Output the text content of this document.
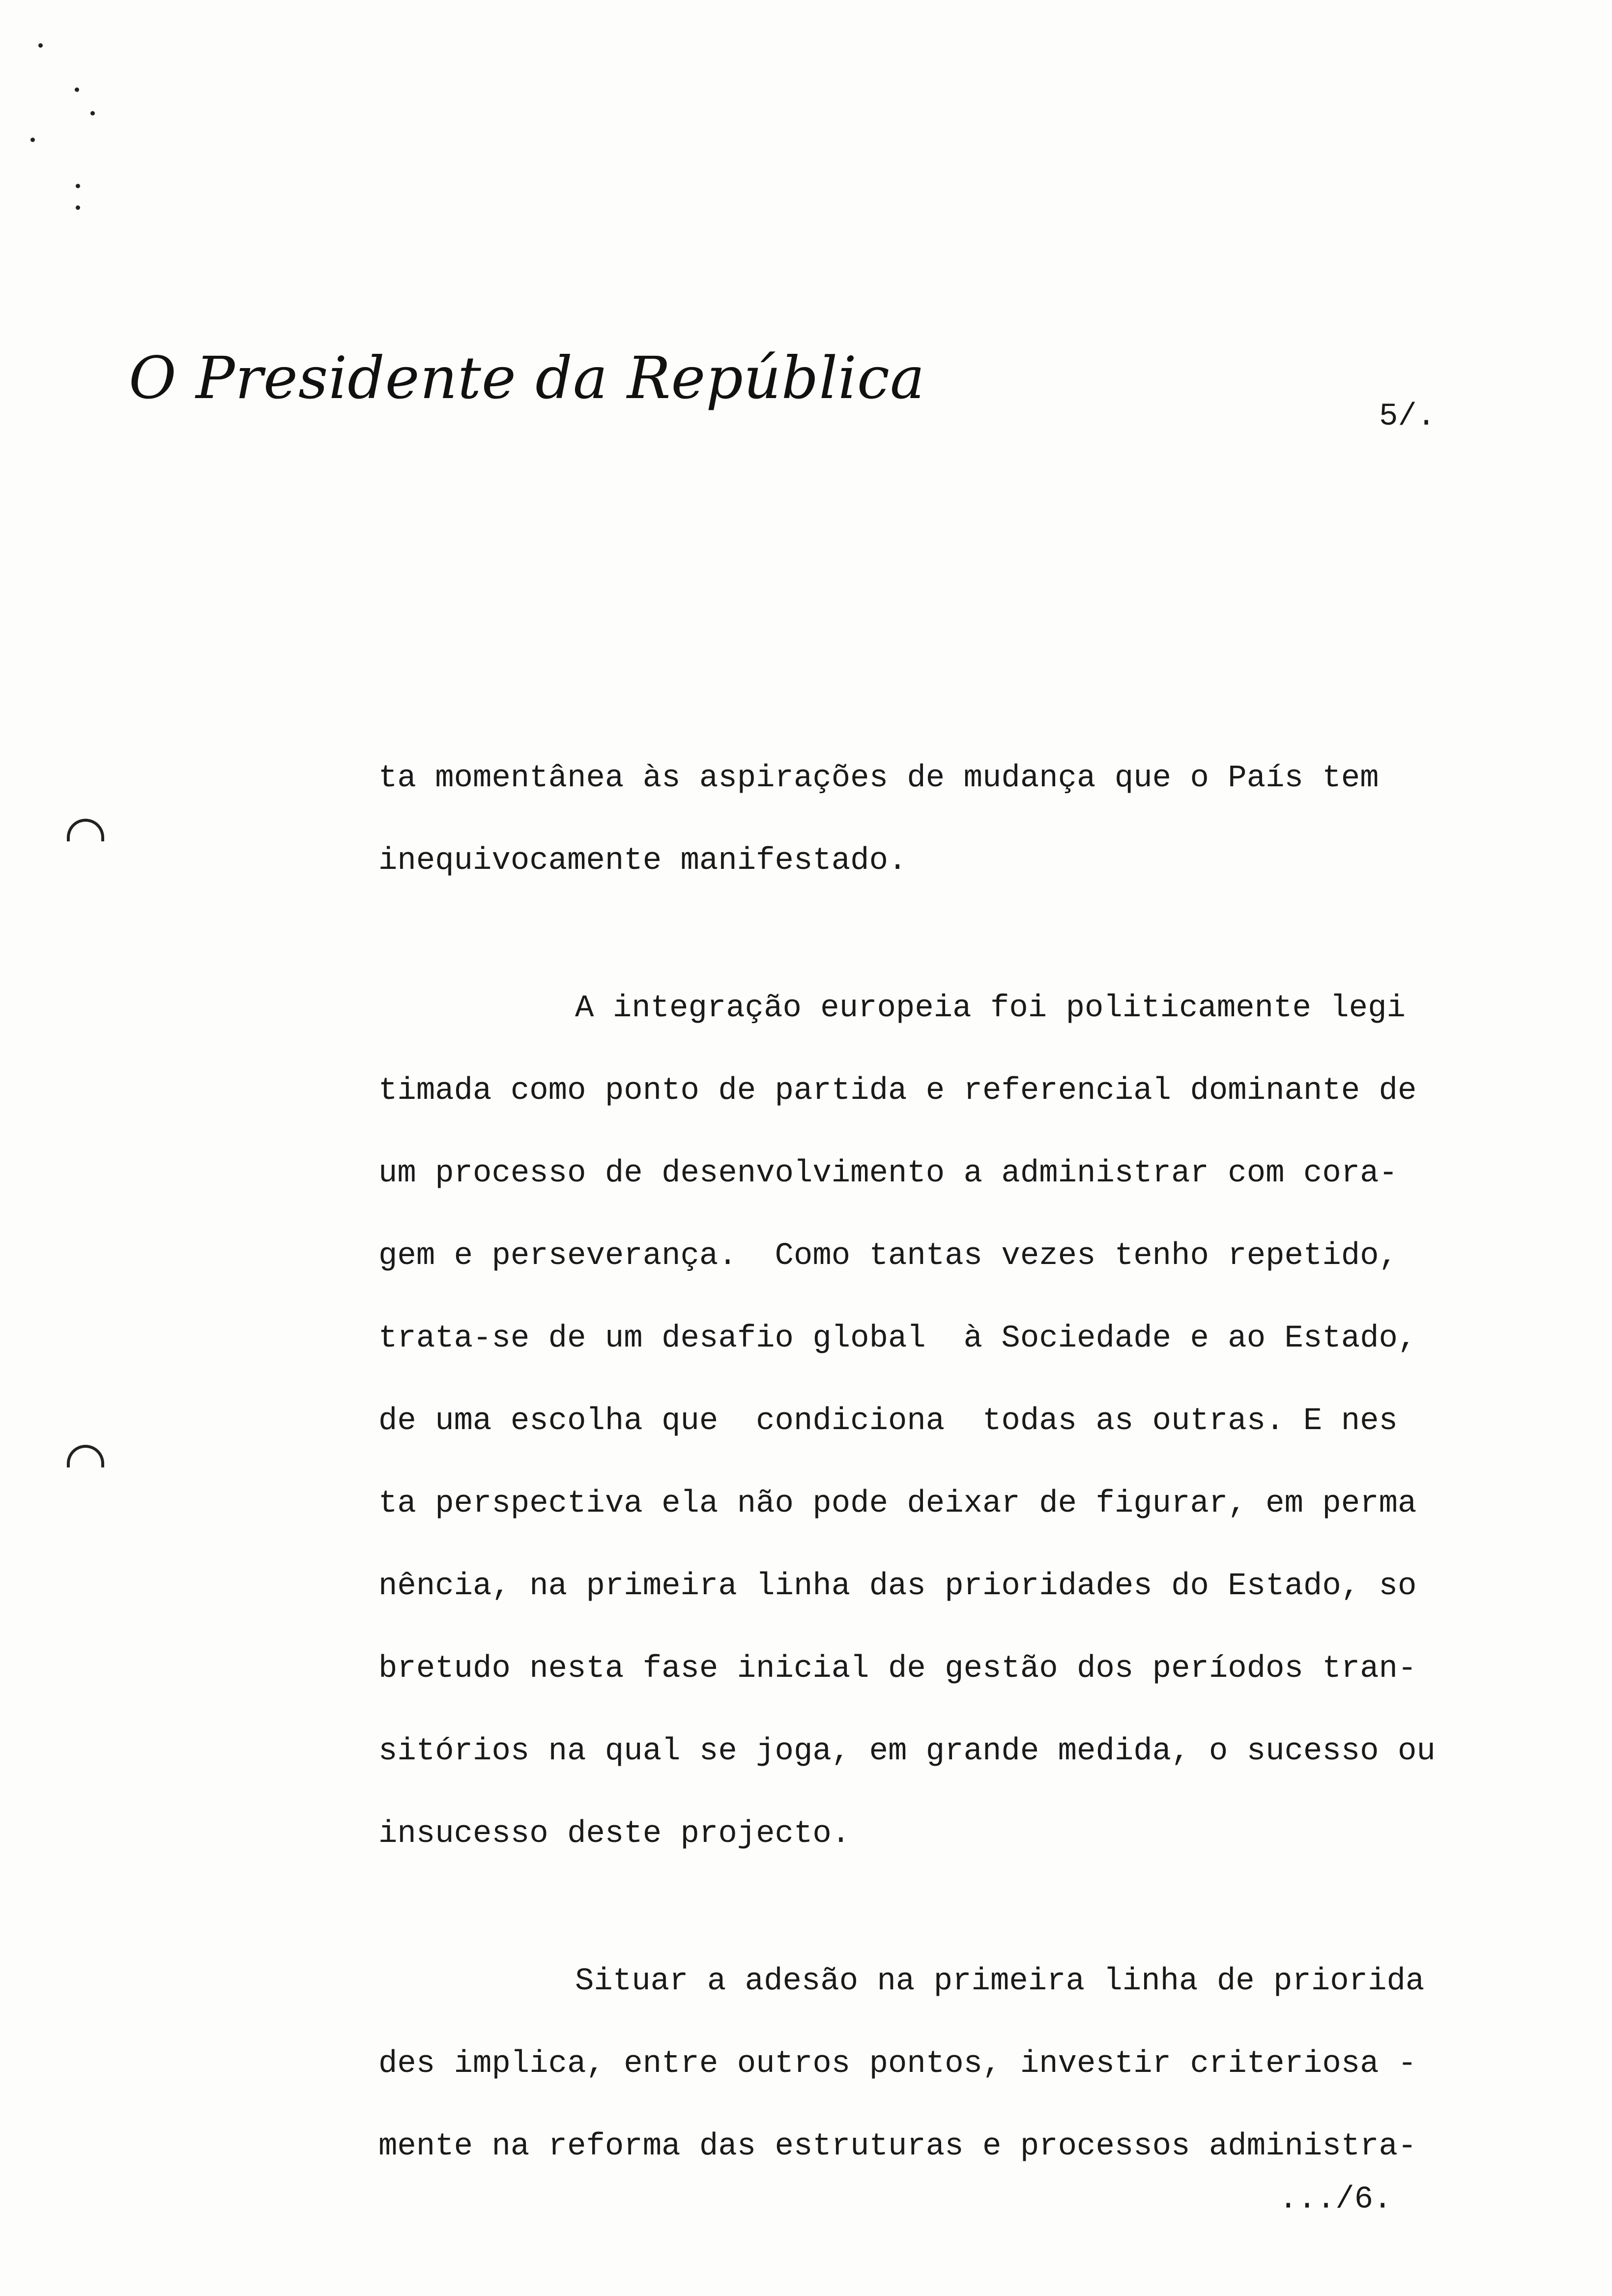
O Presidente da República
5/.
ta momentânea às aspirações de mudança que o País tem
inequivocamente manifestado.
A integração europeia foi politicamente legi
timada como ponto de partida e referencial dominante de
um processo de desenvolvimento a administrar com cora-
gem e perseverança.  Como tantas vezes tenho repetido,
trata-se de um desafio global  à Sociedade e ao Estado,
de uma escolha que  condiciona  todas as outras. E nes
ta perspectiva ela não pode deixar de figurar, em perma
nência, na primeira linha das prioridades do Estado, so
bretudo nesta fase inicial de gestão dos períodos tran-
sitórios na qual se joga, em grande medida, o sucesso ou
insucesso deste projecto.
Situar a adesão na primeira linha de priorida
des implica, entre outros pontos, investir criteriosa -
mente na reforma das estruturas e processos administra-
.../6.
